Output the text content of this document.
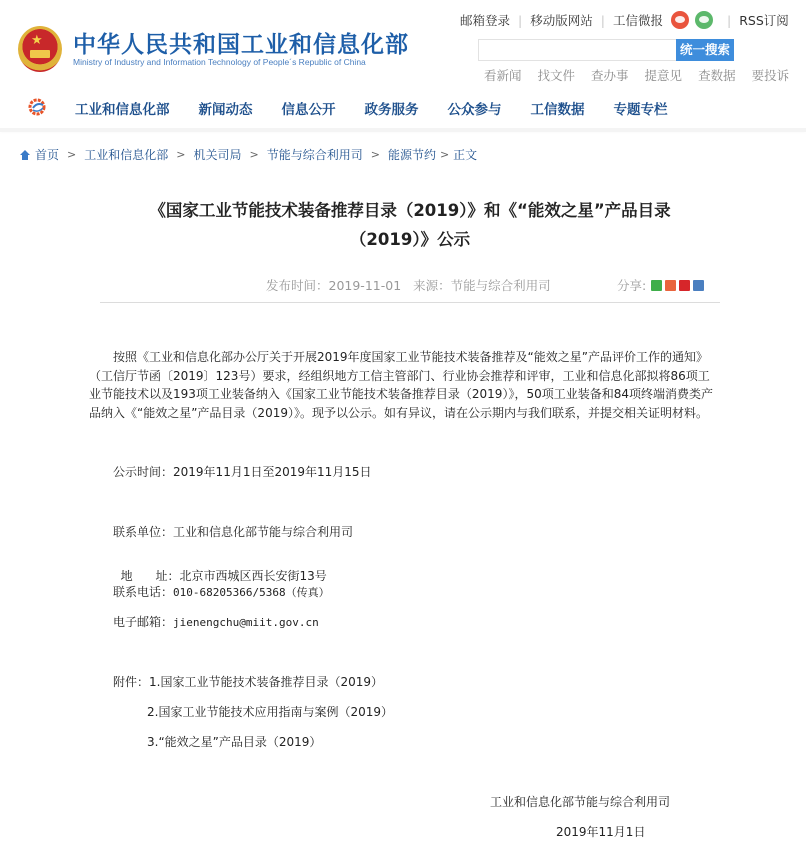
★ 中华人民共和国工业和信息化部
Ministry of Industry and Information Technology of People´s Republic of China
邮箱登录 | 移动版网站 | 工信微报	| RSS订阅
统一搜索
看新闻 找文件 查办事 提意见 查数据 要投诉
工业和信息化部 新闻动态 信息公开 政务服务 公众参与 工信数据 专题专栏
首页 > 工业和信息化部 > 机关司局 > 节能与综合利用司 > 能源节约 > 正文
《国家工业节能技术装备推荐目录（2019）》和《“能效之星”产品目录
（2019）》公示
发布时间：2019-11-01 来源：节能与综合利用司	分享:

按照《工业和信息化部办公厅关于开展2019年度国家工业节能技术装备推荐及“能效之星”产品评价工作的通知》（工信厅节函〔2019〕123号）要求，经组织地方工信主管部门、行业协会推荐和评审，工业和信息化部拟将86项工业节能技术以及193项工业装备纳入《国家工业节能技术装备推荐目录（2019）》，50项工业装备和84项终端消费类产品纳入《“能效之星”产品目录（2019）》。现予以公示。如有异议，请在公示期内与我们联系，并提交相关证明材料。

公示时间：2019年11月1日至2019年11月15日
联系单位：工业和信息化部节能与综合利用司

地      址：北京市西城区西长安街13号

联系电话：010-68205366/5368（传真）
电子邮箱：jienengchu@miit.gov.cn
附件：1.国家工业节能技术装备推荐目录（2019）
2.国家工业节能技术应用指南与案例（2019）
3.“能效之星”产品目录（2019）
工业和信息化部节能与综合利用司
2019年11月1日
